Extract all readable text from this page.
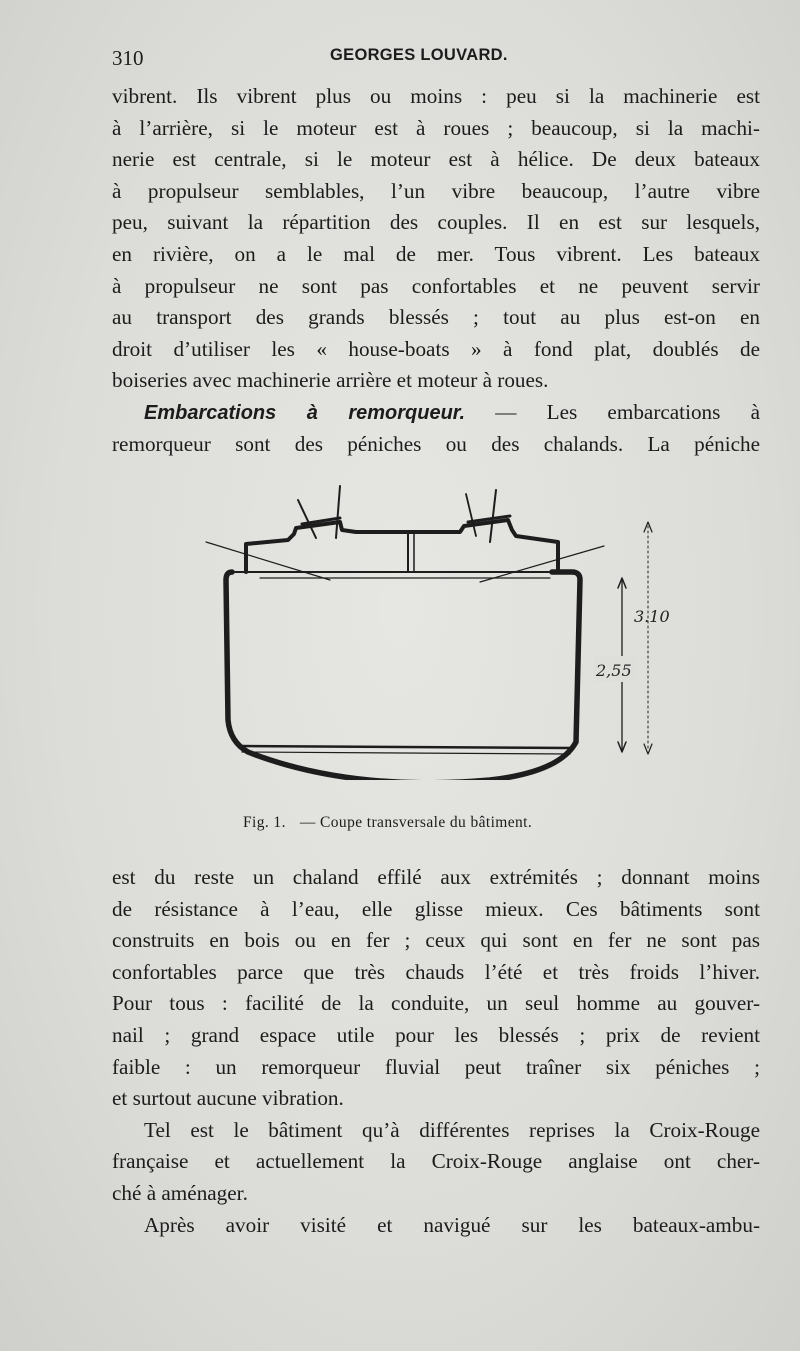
310	GEORGES LOUVARD.
vibrent. Ils vibrent plus ou moins : peu si la machinerie est
à l’arrière, si le moteur est à roues ; beaucoup, si la machi-
nerie est centrale, si le moteur est à hélice. De deux bateaux
à propulseur semblables, l’un vibre beaucoup, l’autre vibre
peu, suivant la répartition des couples. Il en est sur lesquels,
en rivière, on a le mal de mer. Tous vibrent. Les bateaux
à propulseur ne sont pas confortables et ne peuvent servir
au transport des grands blessés ; tout au plus est-on en
droit d’utiliser les « house-boats » à fond plat, doublés de
boiseries avec machinerie arrière et moteur à roues.
Embarcations à remorqueur. — Les embarcations à
remorqueur sont des péniches ou des chalands. La péniche
3.10
2,55
Fig. 1. — Coupe transversale du bâtiment.
est du reste un chaland effilé aux extrémités ; donnant moins
de résistance à l’eau, elle glisse mieux. Ces bâtiments sont
construits en bois ou en fer ; ceux qui sont en fer ne sont pas
confortables parce que très chauds l’été et très froids l’hiver.
Pour tous : facilité de la conduite, un seul homme au gouver-
nail ; grand espace utile pour les blessés ; prix de revient
faible : un remorqueur fluvial peut traîner six péniches ;
et surtout aucune vibration.
Tel est le bâtiment qu’à différentes reprises la Croix-Rouge
française et actuellement la Croix-Rouge anglaise ont cher-
ché à aménager.
Après avoir visité et navigué sur les bateaux-ambu-
